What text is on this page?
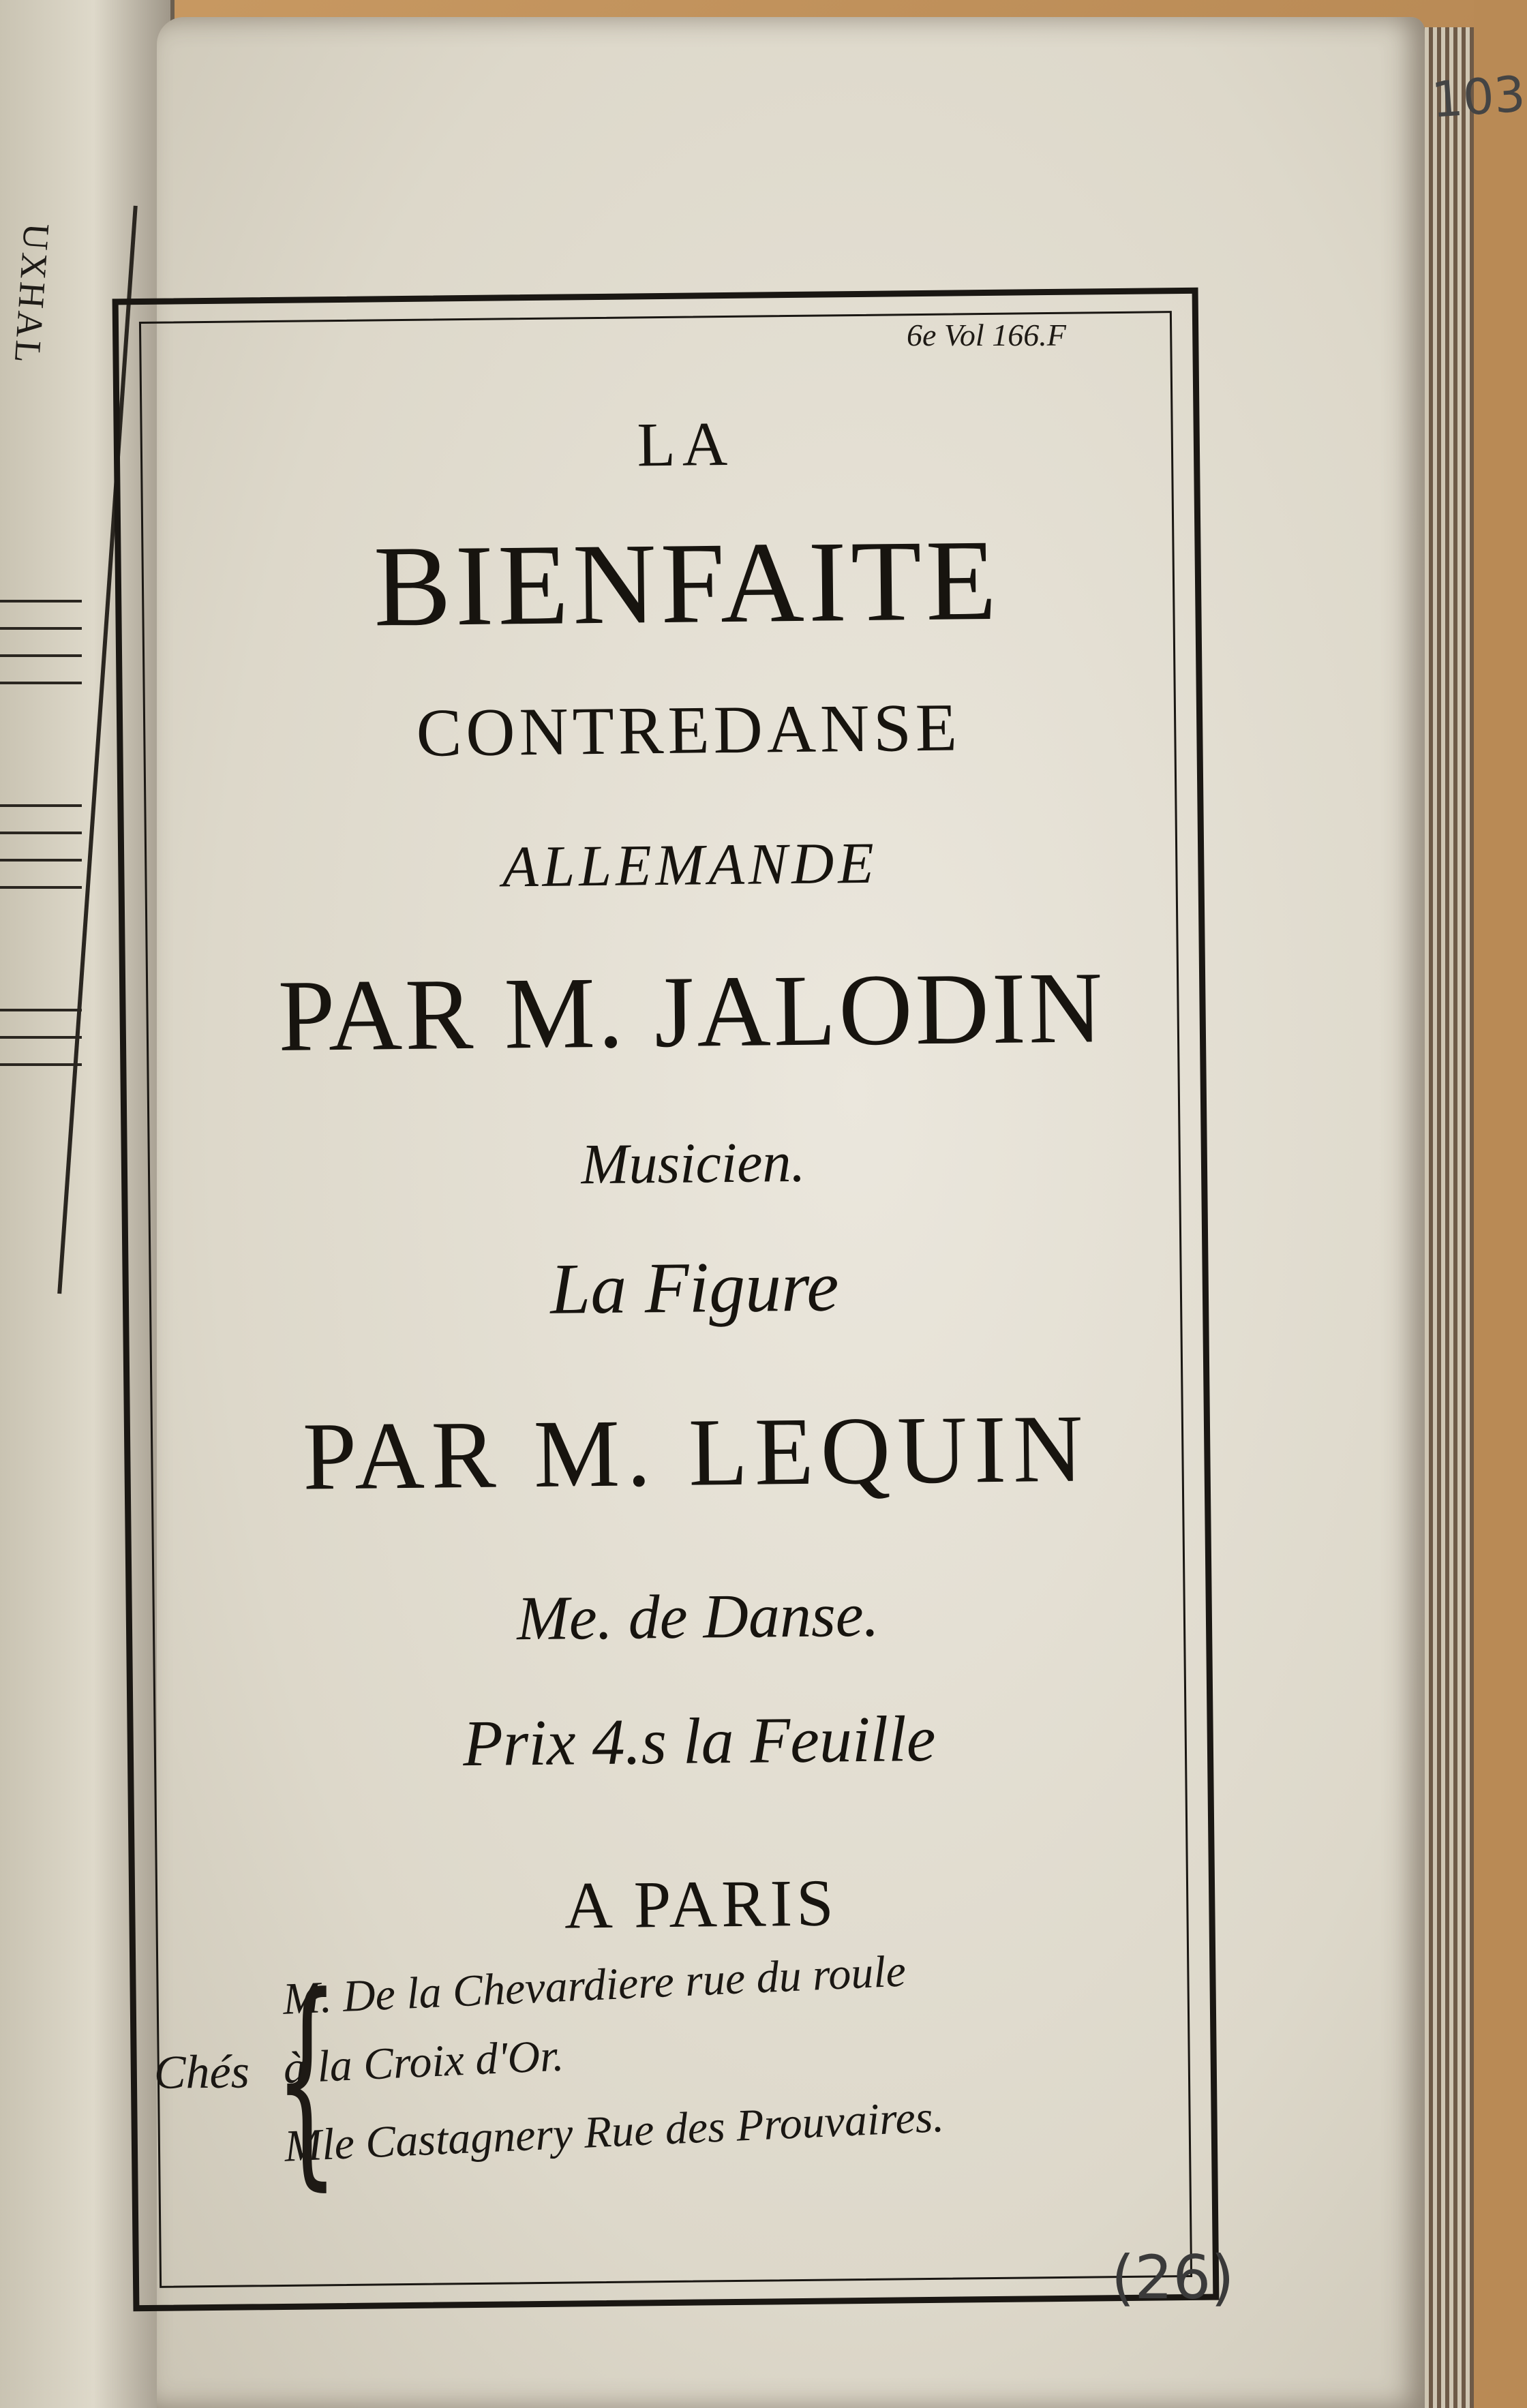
UXHAL
103
6e Vol 166.F
LA
BIENFAITE
CONTREDANSE
ALLEMANDE
PAR M. JALODIN
Musicien.
La Figure
PAR M. LEQUIN
Me. de Danse.
Prix 4.s la Feuille
A PARIS
Chés
M. De la Chevardiere rue du roule
à la Croix d'Or.
Mle Castagnery Rue des Prouvaires.
{
(26)
